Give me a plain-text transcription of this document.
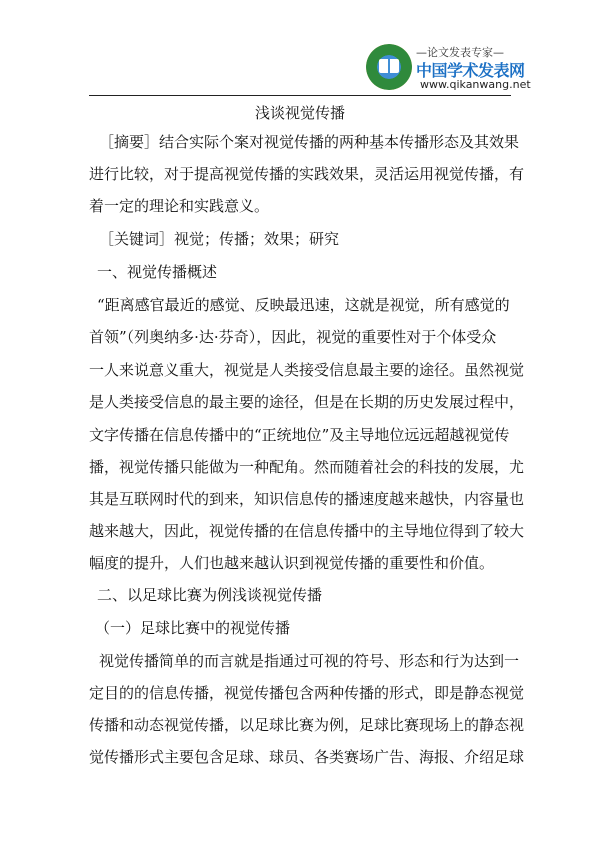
—论文发表专家—
中国学术发表网
www.qikanwang.net
浅谈视觉传播
［摘要］结合实际个案对视觉传播的两种基本传播形态及其效果
进行比较，对于提高视觉传播的实践效果，灵活运用视觉传播，有
着一定的理论和实践意义。
［关键词］视觉；传播；效果；研究
一、视觉传播概述
“距离感官最近的感觉、反映最迅速，这就是视觉，所有感觉的
首领”（列奥纳多·达·芬奇），因此，视觉的重要性对于个体受众
一人来说意义重大，视觉是人类接受信息最主要的途径。虽然视觉
是人类接受信息的最主要的途径，但是在长期的历史发展过程中，
文字传播在信息传播中的“正统地位”及主导地位远远超越视觉传
播，视觉传播只能做为一种配角。然而随着社会的科技的发展，尤
其是互联网时代的到来，知识信息传的播速度越来越快，内容量也
越来越大，因此，视觉传播的在信息传播中的主导地位得到了较大
幅度的提升，人们也越来越认识到视觉传播的重要性和价值。
二、以足球比赛为例浅谈视觉传播
（一）足球比赛中的视觉传播
视觉传播简单的而言就是指通过可视的符号、形态和行为达到一
定目的的信息传播，视觉传播包含两种传播的形式，即是静态视觉
传播和动态视觉传播，以足球比赛为例，足球比赛现场上的静态视
觉传播形式主要包含足球、球员、各类赛场广告、海报、介绍足球
